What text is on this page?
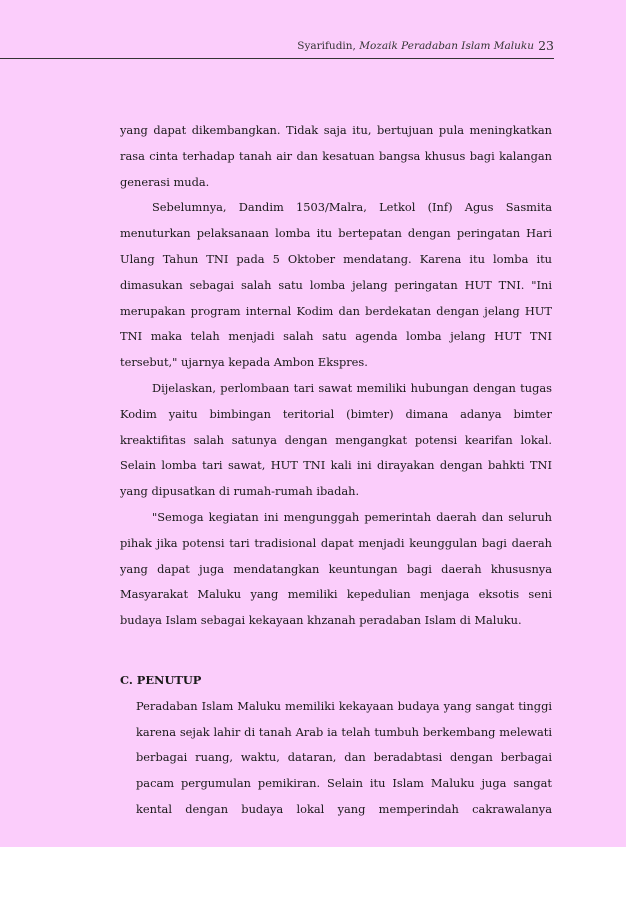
Syarifudin, Mozaik Peradaban Islam Maluku 23

yang dapat dikembangkan. Tidak saja itu, bertujuan pula meningkatkan rasa cinta terhadap tanah air dan kesatuan bangsa khusus bagi kalangan generasi muda.

Sebelumnya, Dandim 1503/Malra, Letkol (Inf) Agus Sasmita menuturkan pelaksanaan lomba itu bertepatan dengan peringatan Hari Ulang Tahun TNI pada 5 Oktober mendatang. Karena itu lomba itu dimasukan sebagai salah satu lomba jelang peringatan HUT TNI. "Ini merupakan program internal Kodim dan berdekatan dengan jelang HUT TNI maka telah menjadi salah satu agenda lomba jelang HUT TNI tersebut," ujarnya kepada Ambon Ekspres.

Dijelaskan, perlombaan tari sawat memiliki hubungan dengan tugas Kodim yaitu bimbingan teritorial (bimter) dimana adanya bimter kreaktifitas salah satunya dengan mengangkat potensi kearifan lokal. Selain lomba tari sawat, HUT TNI kali ini dirayakan dengan bahkti TNI yang dipusatkan di rumah-rumah ibadah.

"Semoga kegiatan ini mengunggah pemerintah daerah dan seluruh pihak jika potensi tari tradisional dapat menjadi keunggulan bagi daerah yang dapat juga mendatangkan keuntungan bagi daerah khususnya Masyarakat Maluku yang memiliki kepedulian menjaga eksotis seni budaya Islam sebagai kekayaan khzanah peradaban Islam di Maluku.

C. PENUTUP

Peradaban Islam Maluku memiliki kekayaan budaya yang sangat tinggi karena sejak lahir di tanah Arab ia telah tumbuh berkembang melewati berbagai ruang, waktu, dataran, dan beradabtasi dengan berbagai pacam pergumulan pemikiran. Selain itu Islam Maluku juga sangat kental dengan budaya lokal yang memperindah cakrawalanya
